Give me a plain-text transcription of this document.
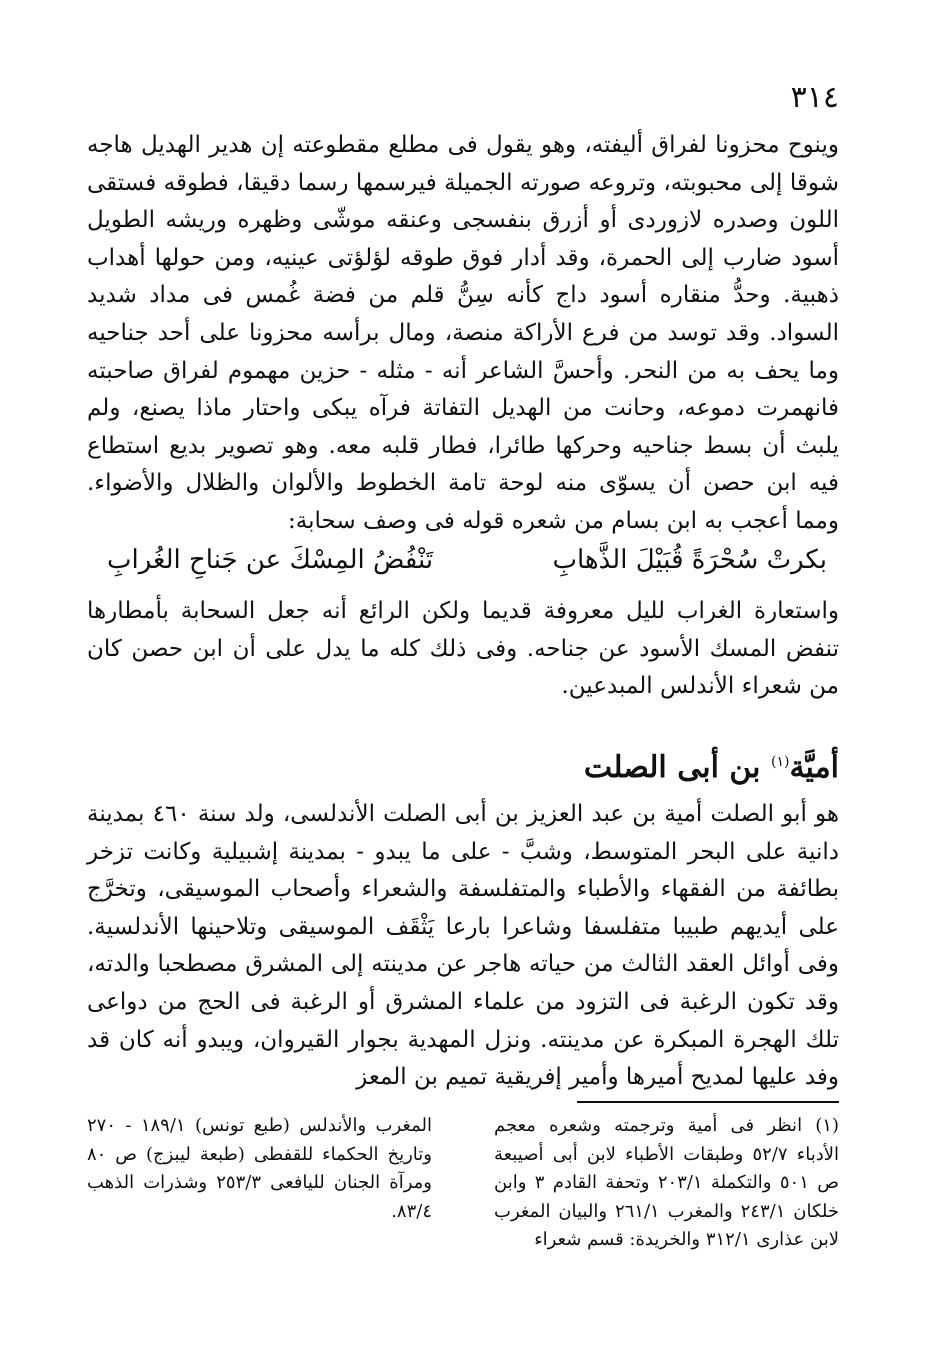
٣١٤
وينوح محزونا لفراق أليفته، وهو يقول فى مطلع مقطوعته إن هدير الهديل هاجه شوقا إلى محبوبته، وتروعه صورته الجميلة فيرسمها رسما دقيقا، فطوقه فستقى اللون وصدره لازوردى أو أزرق بنفسجى وعنقه موشّى وظهره وريشه الطويل أسود ضارب إلى الحمرة، وقد أدار فوق طوقه لؤلؤتى عينيه، ومن حولها أهداب ذهبية. وحدُّ منقاره أسود داج كأنه سِنُّ قلم من فضة غُمس فى مداد شديد السواد. وقد توسد من فرع الأراكة منصة، ومال برأسه محزونا على أحد جناحيه وما يحف به من النحر. وأحسَّ الشاعر أنه - مثله - حزين مهموم لفراق صاحبته فانهمرت دموعه، وحانت من الهديل التفاتة فرآه يبكى واحتار ماذا يصنع، ولم يلبث أن بسط جناحيه وحركها طائرا، فطار قلبه معه. وهو تصوير بديع استطاع فيه ابن حصن أن يسوّى منه لوحة تامة الخطوط والألوان والظلال والأضواء. ومما أعجب به ابن بسام من شعره قوله فى وصف سحابة:
بكرتْ سُحْرَةً قُبَيْلَ الذَّهابِ
تَنْفُضُ المِسْكَ عن جَناحِ الغُرابِ
واستعارة الغراب لليل معروفة قديما ولكن الرائع أنه جعل السحابة بأمطارها تنفض المسك الأسود عن جناحه. وفى ذلك كله ما يدل على أن ابن حصن كان من شعراء الأندلس المبدعين.
أميَّة$^{(١)}$ بن أبى الصلت
هو أبو الصلت أمية بن عبد العزيز بن أبى الصلت الأندلسى، ولد سنة ٤٦٠ بمدينة دانية على البحر المتوسط، وشبَّ - على ما يبدو - بمدينة إشبيلية وكانت تزخر بطائفة من الفقهاء والأطباء والمتفلسفة والشعراء وأصحاب الموسيقى، وتخرَّج على أيديهم طبيبا متفلسفا وشاعرا بارعا يَثْقَف الموسيقى وتلاحينها الأندلسية. وفى أوائل العقد الثالث من حياته هاجر عن مدينته إلى المشرق مصطحبا والدته، وقد تكون الرغبة فى التزود من علماء المشرق أو الرغبة فى الحج من دواعى تلك الهجرة المبكرة عن مدينته. ونزل المهدية بجوار القيروان، ويبدو أنه كان قد وفد عليها لمديح أميرها وأمير إفريقية تميم بن المعز
(١) انظر فى أمية وترجمته وشعره معجم الأدباء ٥٢/٧ وطبقات الأطباء لابن أبى أصيبعة ص ٥٠١ والتكملة ٢٠٣/١ وتحفة القادم ٣ وابن خلكان ٢٤٣/١ والمغرب ٢٦١/١ والبيان المغرب لابن عذارى ٣١٢/١ والخريدة: قسم شعراء
المغرب والأندلس (طبع تونس) ١٨٩/١ - ٢٧٠ وتاريخ الحكماء للقفطى (طبعة ليبزج) ص ٨٠ ومرآة الجنان لليافعى ٢٥٣/٣ وشذرات الذهب ٨٣/٤.
